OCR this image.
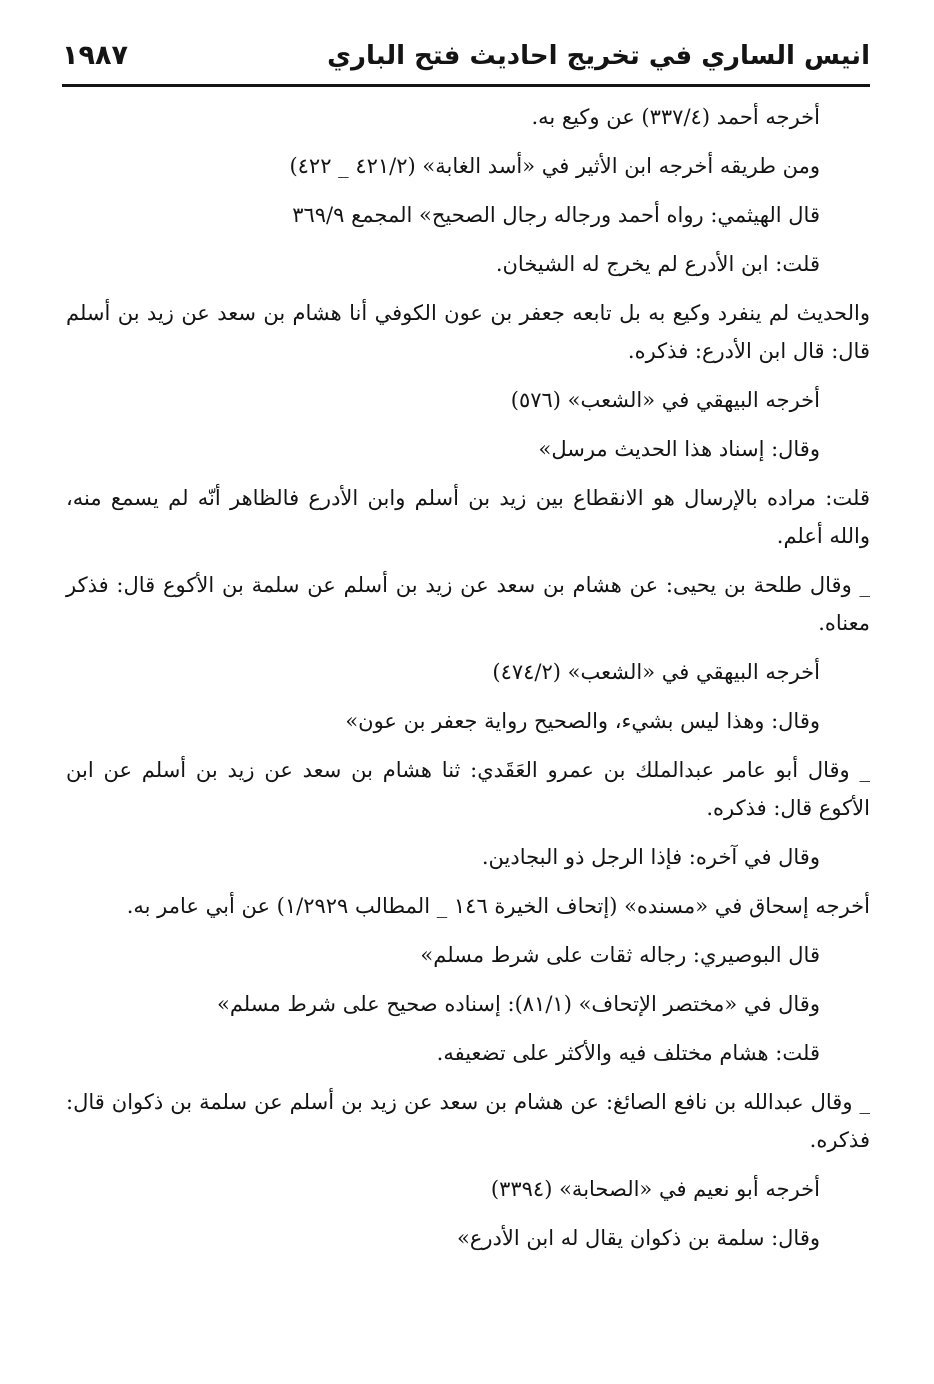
انيس الساري في تخريج احاديث فتح الباري
١٩٨٧

أخرجه أحمد (٣٣٧/٤) عن وكيع به.

ومن طريقه أخرجه ابن الأثير في «أسد الغابة» (٤٢١/٢ _ ٤٢٢)

قال الهيثمي: رواه أحمد ورجاله رجال الصحيح» المجمع ٣٦٩/٩

قلت: ابن الأدرع لم يخرج له الشيخان.

والحديث لم ينفرد وكيع به بل تابعه جعفر بن عون الكوفي أنا هشام بن سعد عن زيد بن أسلم قال: قال ابن الأدرع: فذكره.

أخرجه البيهقي في «الشعب» (٥٧٦)

وقال: إسناد هذا الحديث مرسل»

قلت: مراده بالإرسال هو الانقطاع بين زيد بن أسلم وابن الأدرع فالظاهر أنّه لم يسمع منه، والله أعلم.

_ وقال طلحة بن يحيى: عن هشام بن سعد عن زيد بن أسلم عن سلمة بن الأكوع قال: فذكر معناه.

أخرجه البيهقي في «الشعب» (٤٧٤/٢)

وقال: وهذا ليس بشيء، والصحيح رواية جعفر بن عون»

_ وقال أبو عامر عبدالملك بن عمرو العَقَدي: ثنا هشام بن سعد عن زيد بن أسلم عن ابن الأكوع قال: فذكره.

وقال في آخره: فإذا الرجل ذو البجادين.

أخرجه إسحاق في «مسنده» (إتحاف الخيرة ١٤٦ _ المطالب ١/٢٩٢٩) عن أبي عامر به.

قال البوصيري: رجاله ثقات على شرط مسلم»

وقال في «مختصر الإتحاف» (٨١/١): إسناده صحيح على شرط مسلم»

قلت: هشام مختلف فيه والأكثر على تضعيفه.

_ وقال عبدالله بن نافع الصائغ: عن هشام بن سعد عن زيد بن أسلم عن سلمة بن ذكوان قال: فذكره.

أخرجه أبو نعيم في «الصحابة» (٣٣٩٤)

وقال: سلمة بن ذكوان يقال له ابن الأدرع»
